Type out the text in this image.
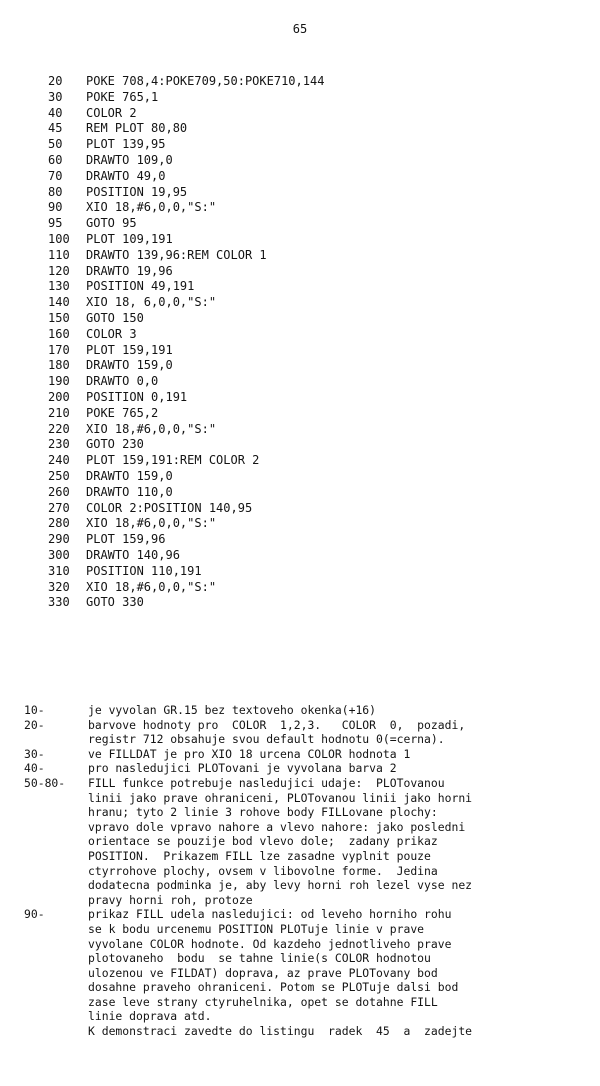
65
20	POKE 708,4:POKE709,50:POKE710,144
30	POKE 765,1
40	COLOR 2
45	REM PLOT 80,80
50	PLOT 139,95
60	DRAWTO 109,0
70	DRAWTO 49,0
80	POSITION 19,95
90	XIO 18,#6,0,0,"S:"
95	GOTO 95
100	PLOT 109,191
110	DRAWTO 139,96:REM COLOR 1
120	DRAWTO 19,96
130	POSITION 49,191
140	XIO 18, 6,0,0,"S:"
150	GOTO 150
160	COLOR 3
170	PLOT 159,191
180	DRAWTO 159,0
190	DRAWTO 0,0
200	POSITION 0,191
210	POKE 765,2
220	XIO 18,#6,0,0,"S:"
230	GOTO 230
240	PLOT 159,191:REM COLOR 2
250	DRAWTO 159,0
260	DRAWTO 110,0
270	COLOR 2:POSITION 140,95
280	XIO 18,#6,0,0,"S:"
290	PLOT 159,96
300	DRAWTO 140,96
310	POSITION 110,191
320	XIO 18,#6,0,0,"S:"
330	GOTO 330
10-	je vyvolan GR.15 bez textoveho okenka(+16)
20-	barvove hodnoty pro  COLOR  1,2,3.   COLOR  0,  pozadi,
registr 712 obsahuje svou default hodnotu 0(=cerna).
30-	ve FILLDAT je pro XIO 18 urcena COLOR hodnota 1
40-	pro nasledujici PLOTovani je vyvolana barva 2
50-80-	FILL funkce potrebuje nasledujici udaje:  PLOTovanou
linii jako prave ohraniceni, PLOTovanou linii jako horni
hranu; tyto 2 linie 3 rohove body FILLovane plochy:
vpravo dole vpravo nahore a vlevo nahore: jako posledni
orientace se pouzije bod vlevo dole;  zadany prikaz
POSITION.  Prikazem FILL lze zasadne vyplnit pouze
ctyrrohove plochy, ovsem v libovolne forme.  Jedina
dodatecna podminka je, aby levy horni roh lezel vyse nez
pravy horni roh, protoze
90-	prikaz FILL udela nasledujici: od leveho horniho rohu
se k bodu urcenemu POSITION PLOTuje linie v prave
vyvolane COLOR hodnote. Od kazdeho jednotliveho prave
plotovaneho  bodu  se tahne linie(s COLOR hodnotou
ulozenou ve FILDAT) doprava, az prave PLOTovany bod
dosahne praveho ohraniceni. Potom se PLOTuje dalsi bod
zase leve strany ctyruhelnika, opet se dotahne FILL
linie doprava atd.
K demonstraci zavedte do listingu  radek  45  a  zadejte
